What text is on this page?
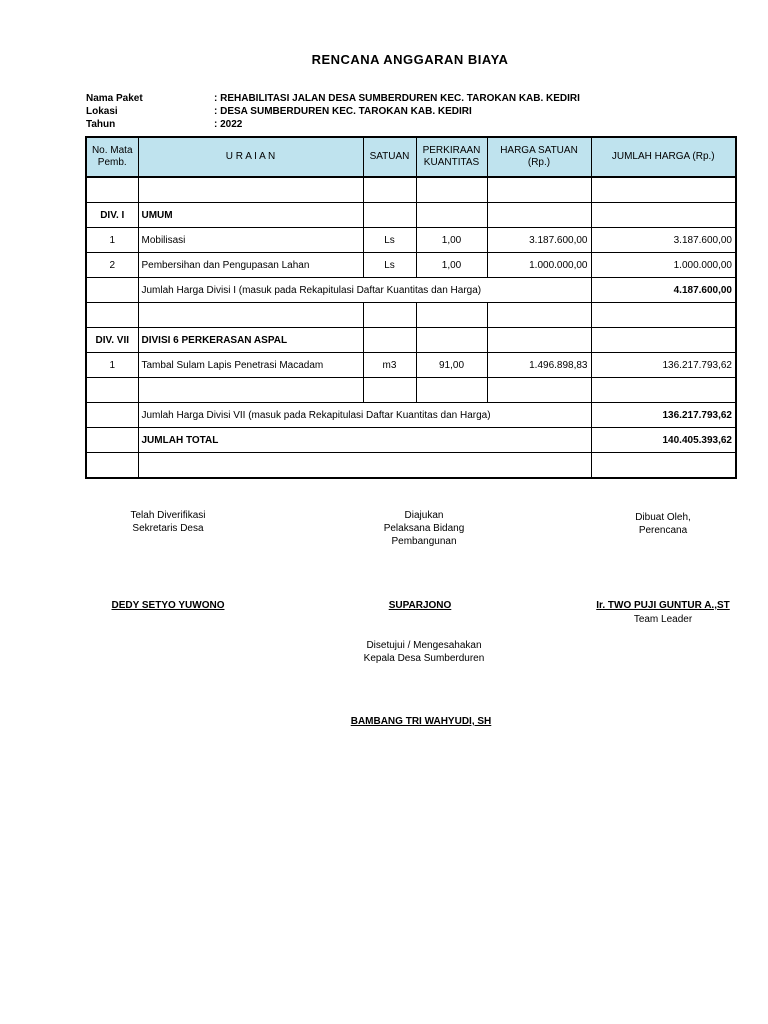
RENCANA ANGGARAN BIAYA
Nama Paket	: REHABILITASI JALAN DESA SUMBERDUREN KEC. TAROKAN KAB. KEDIRI
Lokasi	: DESA SUMBERDUREN KEC. TAROKAN KAB. KEDIRI
Tahun	: 2022
No. Mata Pemb.	U R A I A N	SATUAN	PERKIRAAN KUANTITAS	HARGA SATUAN (Rp.)	JUMLAH HARGA (Rp.)

DIV. I	UMUM				
1	Mobilisasi	Ls	1,00	3.187.600,00	3.187.600,00
2	Pembersihan dan Pengupasan Lahan	Ls	1,00	1.000.000,00	1.000.000,00
	Jumlah Harga Divisi I (masuk pada Rekapitulasi Daftar Kuantitas dan Harga)				4.187.600,00

DIV. VII	DIVISI 6 PERKERASAN ASPAL				
1	Tambal Sulam Lapis Penetrasi Macadam	m3	91,00	1.496.898,83	136.217.793,62

	Jumlah Harga Divisi VII (masuk pada Rekapitulasi Daftar Kuantitas dan Harga)				136.217.793,62
	JUMLAH TOTAL				140.405.393,62

Telah Diverifikasi
Sekretaris Desa
DEDY SETYO YUWONO
Diajukan
Pelaksana Bidang
Pembangunan
SUPARJONO
Dibuat Oleh,
Perencana
Ir. TWO PUJI GUNTUR A.,ST
Team Leader
Disetujui / Mengesahakan
Kepala Desa Sumberduren
BAMBANG TRI WAHYUDI, SH
